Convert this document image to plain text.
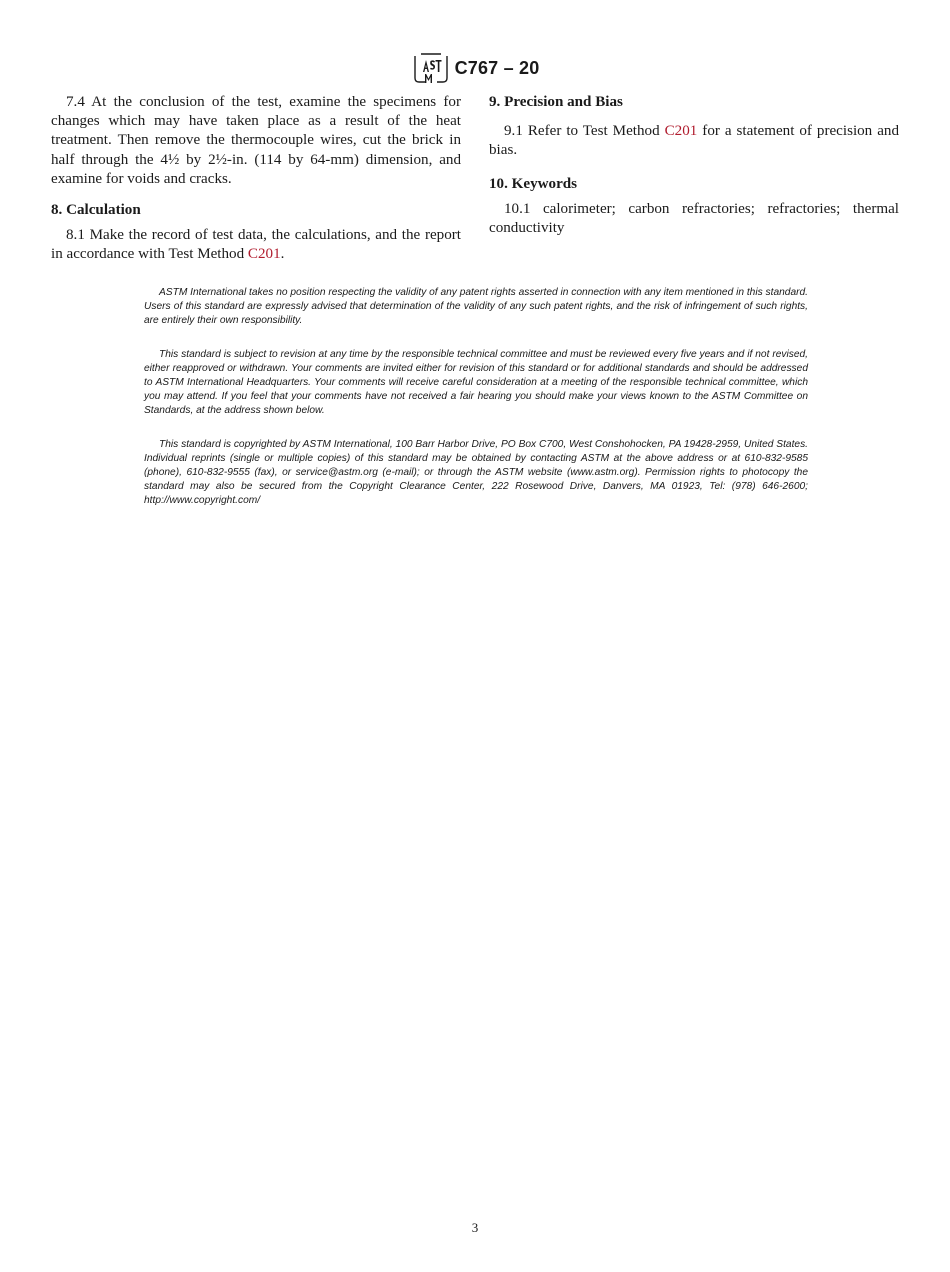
C767 – 20

7.4 At the conclusion of the test, examine the specimens for changes which may have taken place as a result of the heat treatment. Then remove the thermocouple wires, cut the brick in half through the 4½ by 2½-in. (114 by 64-mm) dimension, and examine for voids and cracks.

8. Calculation

8.1 Make the record of test data, the calculations, and the report in accordance with Test Method C201.

9. Precision and Bias

9.1 Refer to Test Method C201 for a statement of precision and bias.

10. Keywords

10.1 calorimeter; carbon refractories; refractories; thermal conductivity

ASTM International takes no position respecting the validity of any patent rights asserted in connection with any item mentioned in this standard. Users of this standard are expressly advised that determination of the validity of any such patent rights, and the risk of infringement of such rights, are entirely their own responsibility.

This standard is subject to revision at any time by the responsible technical committee and must be reviewed every five years and if not revised, either reapproved or withdrawn. Your comments are invited either for revision of this standard or for additional standards and should be addressed to ASTM International Headquarters. Your comments will receive careful consideration at a meeting of the responsible technical committee, which you may attend. If you feel that your comments have not received a fair hearing you should make your views known to the ASTM Committee on Standards, at the address shown below.

This standard is copyrighted by ASTM International, 100 Barr Harbor Drive, PO Box C700, West Conshohocken, PA 19428-2959, United States. Individual reprints (single or multiple copies) of this standard may be obtained by contacting ASTM at the above address or at 610-832-9585 (phone), 610-832-9555 (fax), or service@astm.org (e-mail); or through the ASTM website (www.astm.org). Permission rights to photocopy the standard may also be secured from the Copyright Clearance Center, 222 Rosewood Drive, Danvers, MA 01923, Tel: (978) 646-2600; http://www.copyright.com/

3
